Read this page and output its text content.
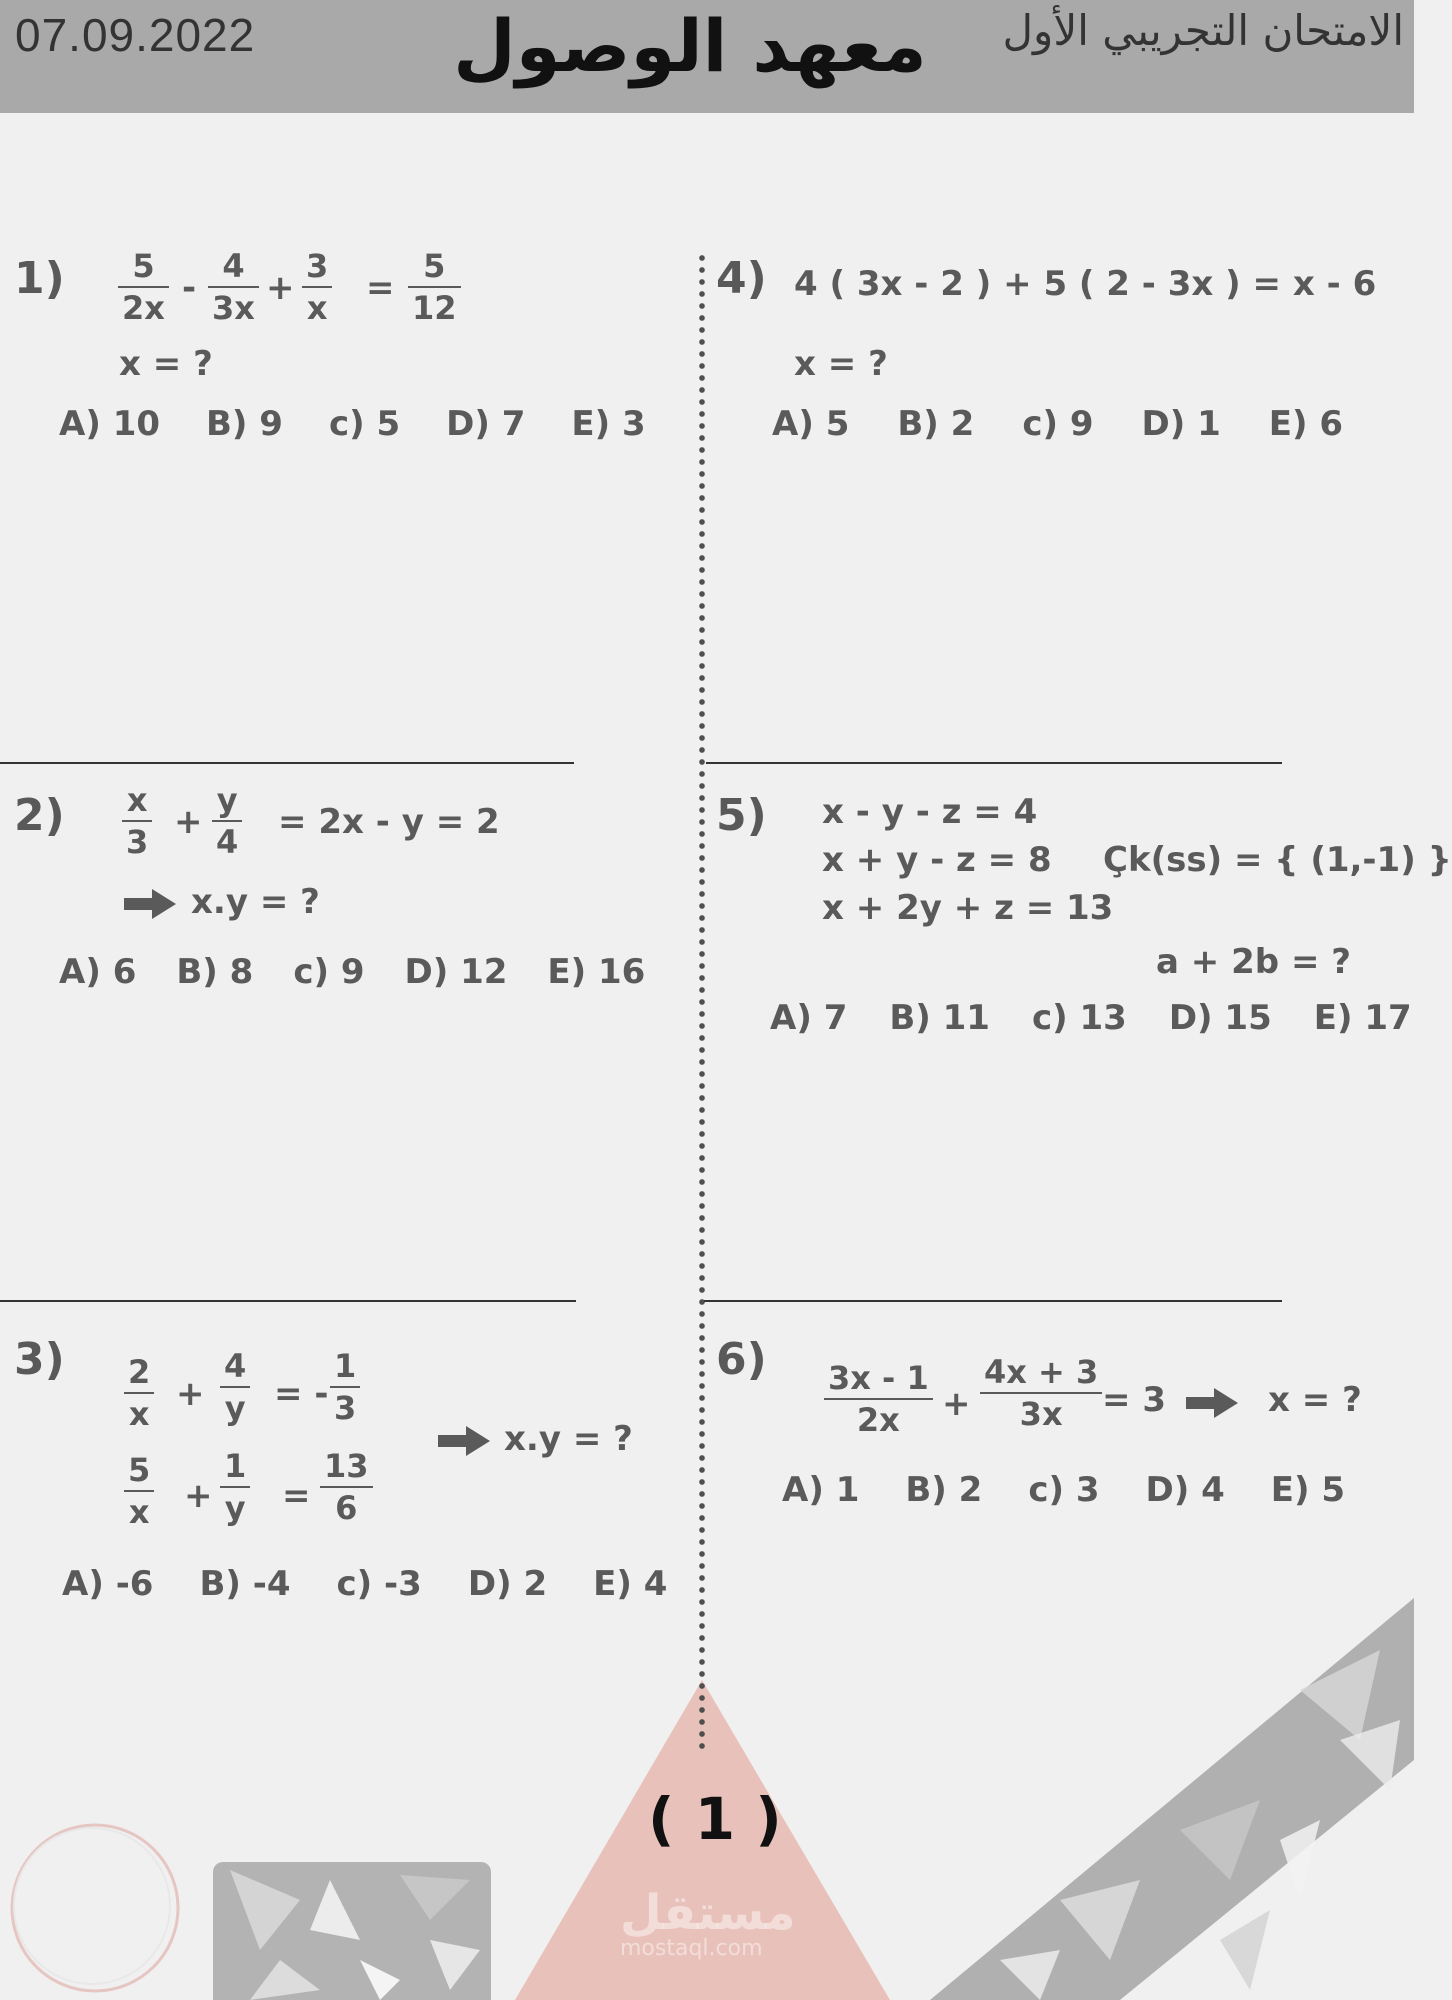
07.09.2022	معهد الوصول	الامتحان التجريبي الأول
1) 5
2x -
4
3x +
3
x =
5
12
x = ?
A) 10 B) 9 c) 5 D) 7 E) 3
2) x
3 +
y
4 = 2x - y = 2
x.y = ?
A) 6 B) 8 c) 9 D) 12 E) 16
3) 2
x +
4
y = -
1
3
5
x +
1
y =
13
6
x.y = ?
A) -6 B) -4 c) -3 D) 2 E) 4
4) 4 ( 3x - 2 ) + 5 ( 2 - 3x ) = x - 6
x = ?
A) 5 B) 2 c) 9 D) 1 E) 6
5) x - y - z = 4
x + y - z = 8
x + 2y + z = 13
Çk(ss) = { (1,-1) }
a + 2b = ?
A) 7 B) 11 c) 13 D) 15 E) 17
6) 3x - 1
2x +
4x + 3
3x = 3	x = ?
A) 1 B) 2 c) 3 D) 4 E) 5
( 1 )
مستقل
mostaql.com
